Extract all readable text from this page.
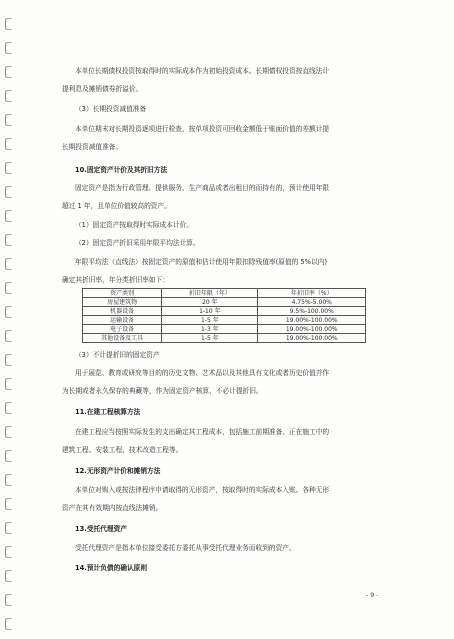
本单位长期债权投资按取得时的实际成本作为初始投资成本。长期债权投资按直线法计
提利息及摊销债券折溢价。
（3）长期投资减值准备
本单位期末对长期投资逐项进行检查，按单项投资可回收金额低于账面价值的差额计提
长期投资减值准备。
10.固定资产计价及其折旧方法
固定资产是指为行政管理、提供服务、生产商品或者出租目的而持有的，预计使用年限
超过 1 年，且单位价值较高的资产。
（1）固定资产按取得时实际成本计价。
（2）固定资产折旧采用年限平均法计算。
年限平均法（直线法）按固定资产的原值和估计使用年限扣除残值率(原值的 5%以内)
确定其折旧率，年分类折旧率如下：
资产类别	折旧年限（年）	年折旧率（%）
房屋建筑物	20 年	4.75%-5.00%
机器设备	1-10 年	9.5%-100.00%
运输设备	1-5 年	19.00%-100.00%
电子设备	1-3 年	19.00%-100.00%
其他设备及工具	1-5 年	19.00%-100.00%
（3）不计提折旧的固定资产
用于展览、教育或研究等目的的历史文物、艺术品以及其他具有文化或者历史价值并作
为长期或者永久保存的典藏等，作为固定资产核算，不必计提折旧。
11.在建工程核算方法
在建工程应当按照实际发生的支出确定其工程成本，包括施工前期准备、正在施工中的
建筑工程、安装工程、技术改造工程等。
12.无形资产计价和摊销方法
本单位对购入或按法律程序申请取得的无形资产，按取得时的实际成本入账。各种无形
资产在其有效期内按直线法摊销。
13.受托代理资产
受托代理资产是指本单位接受委托方委托从事受托代理业务而收到的资产。
14.预计负债的确认原则
- 9 -
